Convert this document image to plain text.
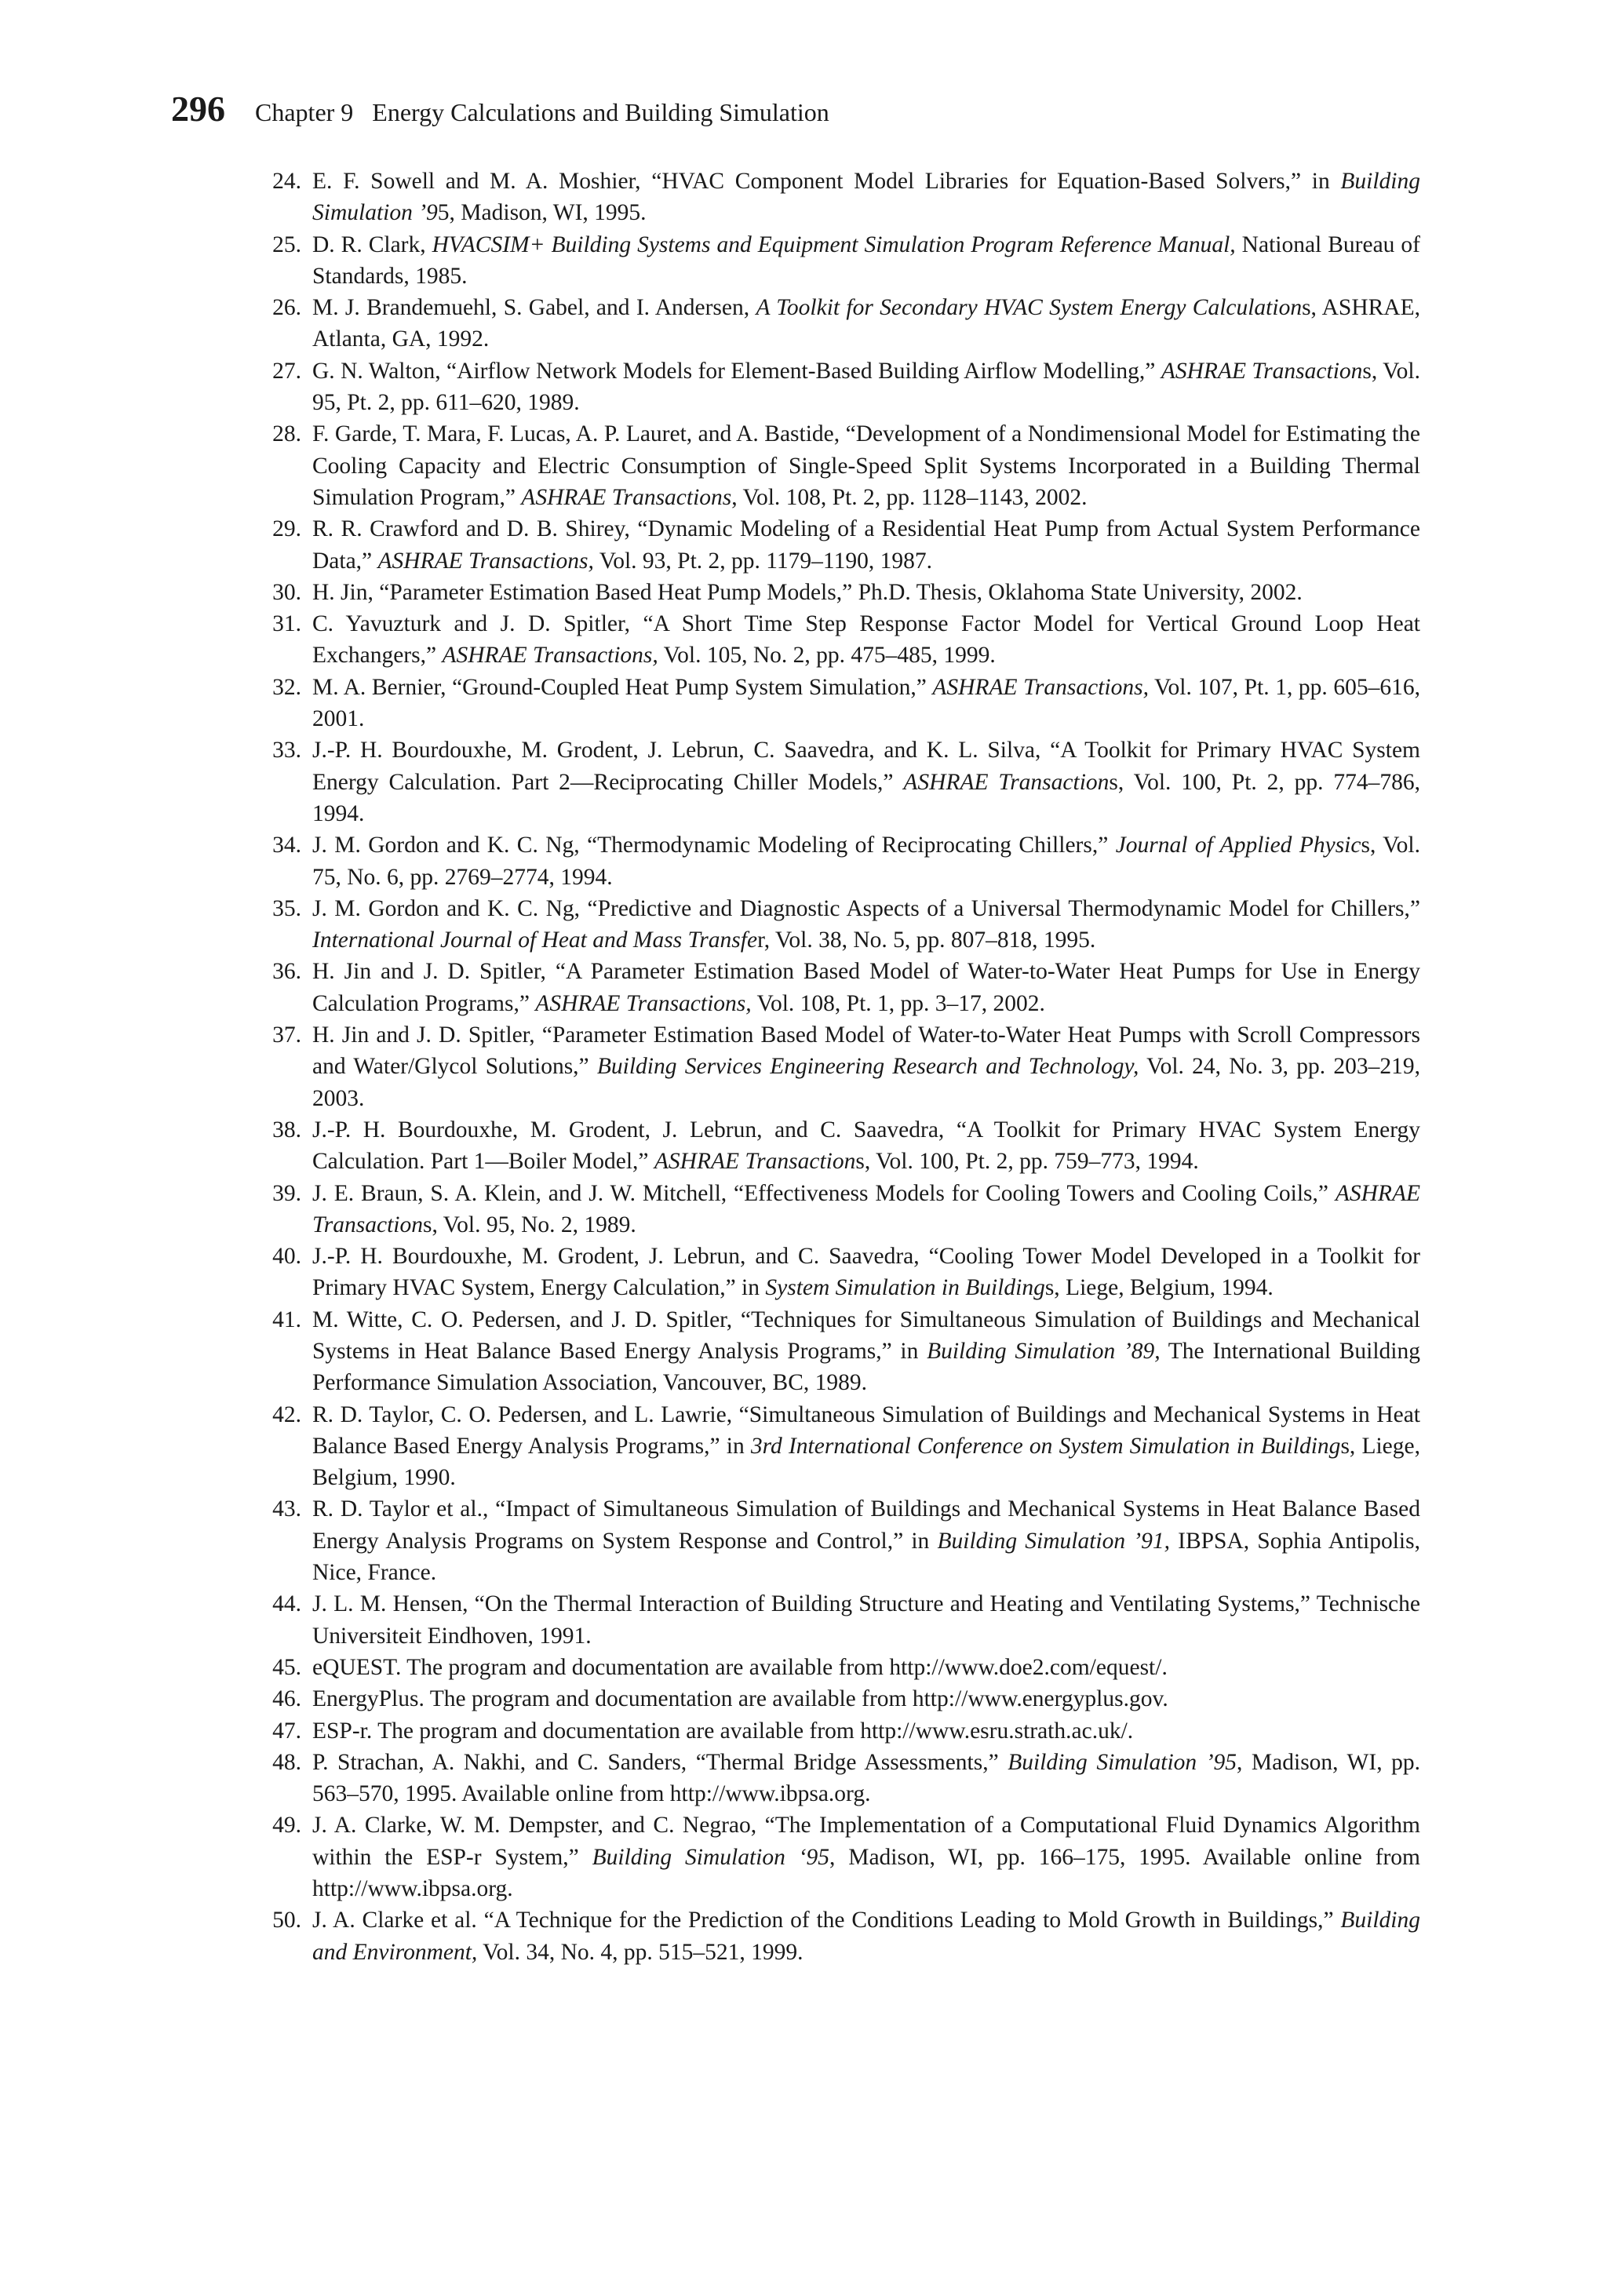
296 Chapter 9   Energy Calculations and Building Simulation
24. E. F. Sowell and M. A. Moshier, “HVAC Component Model Libraries for Equation-Based Solvers,” in Building Simulation ’95, Madison, WI, 1995.
25. D. R. Clark, HVACSIM+ Building Systems and Equipment Simulation Program Reference Manual, National Bureau of Standards, 1985.
26. M. J. Brandemuehl, S. Gabel, and I. Andersen, A Toolkit for Secondary HVAC System Energy Calculations, ASHRAE, Atlanta, GA, 1992.
27. G. N. Walton, “Airflow Network Models for Element-Based Building Airflow Modelling,” ASHRAE Transactions, Vol. 95, Pt. 2, pp. 611–620, 1989.
28. F. Garde, T. Mara, F. Lucas, A. P. Lauret, and A. Bastide, “Development of a Nondimensional Model for Estimating the Cooling Capacity and Electric Consumption of Single-Speed Split Systems Incorporated in a Building Thermal Simulation Program,” ASHRAE Transactions, Vol. 108, Pt. 2, pp. 1128–1143, 2002.
29. R. R. Crawford and D. B. Shirey, “Dynamic Modeling of a Residential Heat Pump from Actual System Performance Data,” ASHRAE Transactions, Vol. 93, Pt. 2, pp. 1179–1190, 1987.
30. H. Jin, “Parameter Estimation Based Heat Pump Models,” Ph.D. Thesis, Oklahoma State University, 2002.
31. C. Yavuzturk and J. D. Spitler, “A Short Time Step Response Factor Model for Vertical Ground Loop Heat Exchangers,” ASHRAE Transactions, Vol. 105, No. 2, pp. 475–485, 1999.
32. M. A. Bernier, “Ground-Coupled Heat Pump System Simulation,” ASHRAE Transactions, Vol. 107, Pt. 1, pp. 605–616, 2001.
33. J.-P. H. Bourdouxhe, M. Grodent, J. Lebrun, C. Saavedra, and K. L. Silva, “A Toolkit for Primary HVAC System Energy Calculation. Part 2—Reciprocating Chiller Models,” ASHRAE Transactions, Vol. 100, Pt. 2, pp. 774–786, 1994.
34. J. M. Gordon and K. C. Ng, “Thermodynamic Modeling of Reciprocating Chillers,” Journal of Applied Physics, Vol. 75, No. 6, pp. 2769–2774, 1994.
35. J. M. Gordon and K. C. Ng, “Predictive and Diagnostic Aspects of a Universal Thermodynamic Model for Chillers,” International Journal of Heat and Mass Transfer, Vol. 38, No. 5, pp. 807–818, 1995.
36. H. Jin and J. D. Spitler, “A Parameter Estimation Based Model of Water-to-Water Heat Pumps for Use in Energy Calculation Programs,” ASHRAE Transactions, Vol. 108, Pt. 1, pp. 3–17, 2002.
37. H. Jin and J. D. Spitler, “Parameter Estimation Based Model of Water-to-Water Heat Pumps with Scroll Compressors and Water/Glycol Solutions,” Building Services Engineering Research and Technology, Vol. 24, No. 3, pp. 203–219, 2003.
38. J.-P. H. Bourdouxhe, M. Grodent, J. Lebrun, and C. Saavedra, “A Toolkit for Primary HVAC System Energy Calculation. Part 1—Boiler Model,” ASHRAE Transactions, Vol. 100, Pt. 2, pp. 759–773, 1994.
39. J. E. Braun, S. A. Klein, and J. W. Mitchell, “Effectiveness Models for Cooling Towers and Cooling Coils,” ASHRAE Transactions, Vol. 95, No. 2, 1989.
40. J.-P. H. Bourdouxhe, M. Grodent, J. Lebrun, and C. Saavedra, “Cooling Tower Model Developed in a Toolkit for Primary HVAC System, Energy Calculation,” in System Simulation in Buildings, Liege, Belgium, 1994.
41. M. Witte, C. O. Pedersen, and J. D. Spitler, “Techniques for Simultaneous Simulation of Buildings and Mechanical Systems in Heat Balance Based Energy Analysis Programs,” in Building Simulation ’89, The International Building Performance Simulation Association, Vancouver, BC, 1989.
42. R. D. Taylor, C. O. Pedersen, and L. Lawrie, “Simultaneous Simulation of Buildings and Mechanical Systems in Heat Balance Based Energy Analysis Programs,” in 3rd International Conference on System Simulation in Buildings, Liege, Belgium, 1990.
43. R. D. Taylor et al., “Impact of Simultaneous Simulation of Buildings and Mechanical Systems in Heat Balance Based Energy Analysis Programs on System Response and Control,” in Building Simulation ’91, IBPSA, Sophia Antipolis, Nice, France.
44. J. L. M. Hensen, “On the Thermal Interaction of Building Structure and Heating and Ventilating Systems,” Technische Universiteit Eindhoven, 1991.
45. eQUEST. The program and documentation are available from http://www.doe2.com/equest/.
46. EnergyPlus. The program and documentation are available from http://www.energyplus.gov.
47. ESP-r. The program and documentation are available from http://www.esru.strath.ac.uk/.
48. P. Strachan, A. Nakhi, and C. Sanders, “Thermal Bridge Assessments,” Building Simulation ’95, Madison, WI, pp. 563–570, 1995. Available online from http://www.ibpsa.org.
49. J. A. Clarke, W. M. Dempster, and C. Negrao, “The Implementation of a Computational Fluid Dynamics Algorithm within the ESP-r System,” Building Simulation ‘95, Madison, WI, pp. 166–175, 1995. Available online from http://www.ibpsa.org.
50. J. A. Clarke et al. “A Technique for the Prediction of the Conditions Leading to Mold Growth in Buildings,” Building and Environment, Vol. 34, No. 4, pp. 515–521, 1999.
